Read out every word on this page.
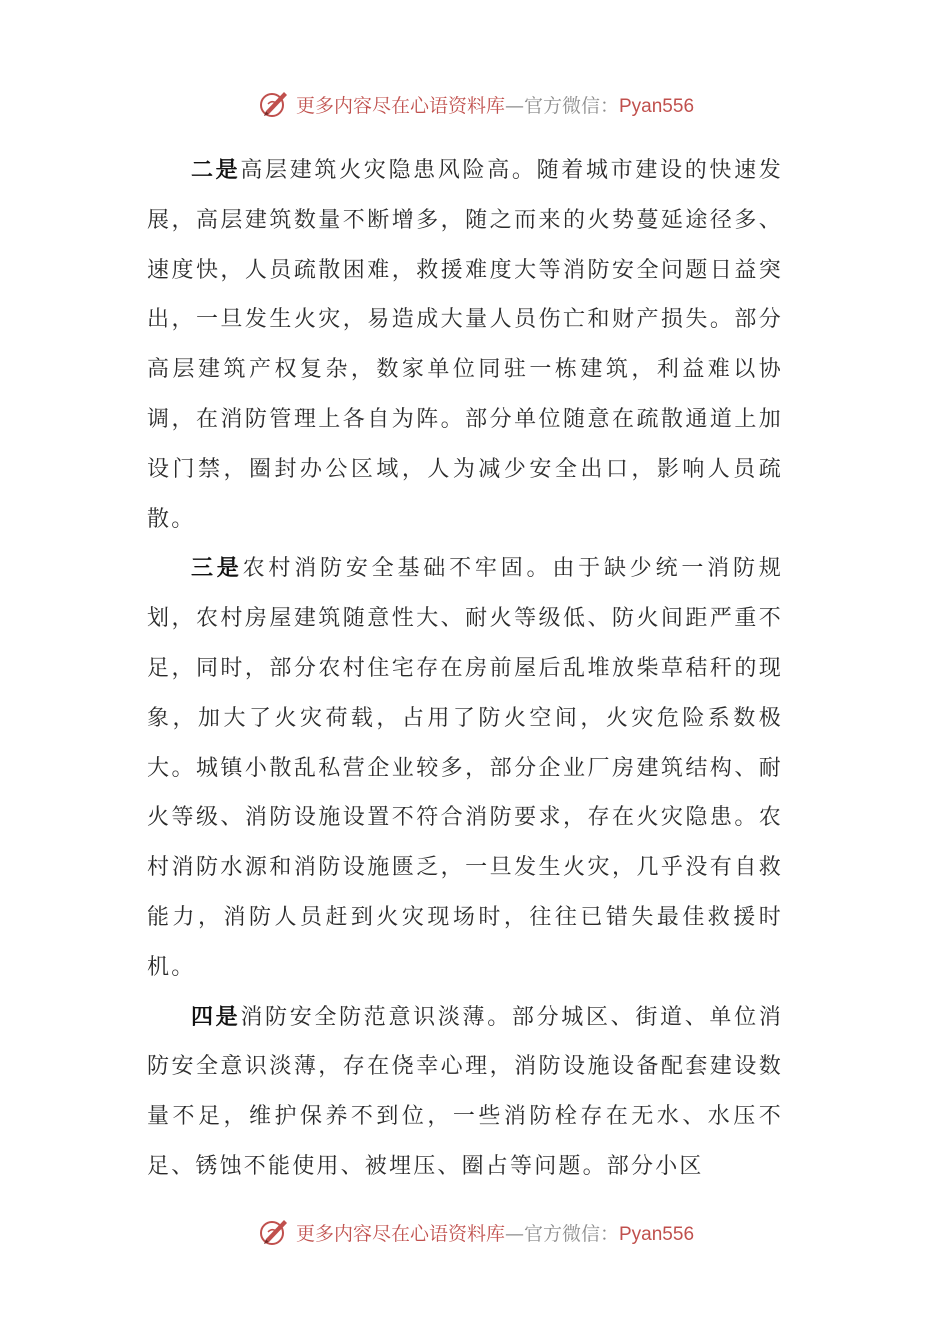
更多内容尽在心语资料库—官方微信：Pyan556

二是高层建筑火灾隐患风险高。随着城市建设的快速发展，高层建筑数量不断增多，随之而来的火势蔓延途径多、速度快，人员疏散困难，救援难度大等消防安全问题日益突出，一旦发生火灾，易造成大量人员伤亡和财产损失。部分高层建筑产权复杂，数家单位同驻一栋建筑，利益难以协调，在消防管理上各自为阵。部分单位随意在疏散通道上加设门禁，圈封办公区域，人为减少安全出口，影响人员疏散。

三是农村消防安全基础不牢固。由于缺少统一消防规划，农村房屋建筑随意性大、耐火等级低、防火间距严重不足，同时，部分农村住宅存在房前屋后乱堆放柴草秸秆的现象，加大了火灾荷载，占用了防火空间，火灾危险系数极大。城镇小散乱私营企业较多，部分企业厂房建筑结构、耐火等级、消防设施设置不符合消防要求，存在火灾隐患。农村消防水源和消防设施匮乏，一旦发生火灾，几乎没有自救能力，消防人员赶到火灾现场时，往往已错失最佳救援时机。

四是消防安全防范意识淡薄。部分城区、街道、单位消防安全意识淡薄，存在侥幸心理，消防设施设备配套建设数量不足，维护保养不到位，一些消防栓存在无水、水压不足、锈蚀不能使用、被埋压、圈占等问题。部分小区

更多内容尽在心语资料库—官方微信：Pyan556
